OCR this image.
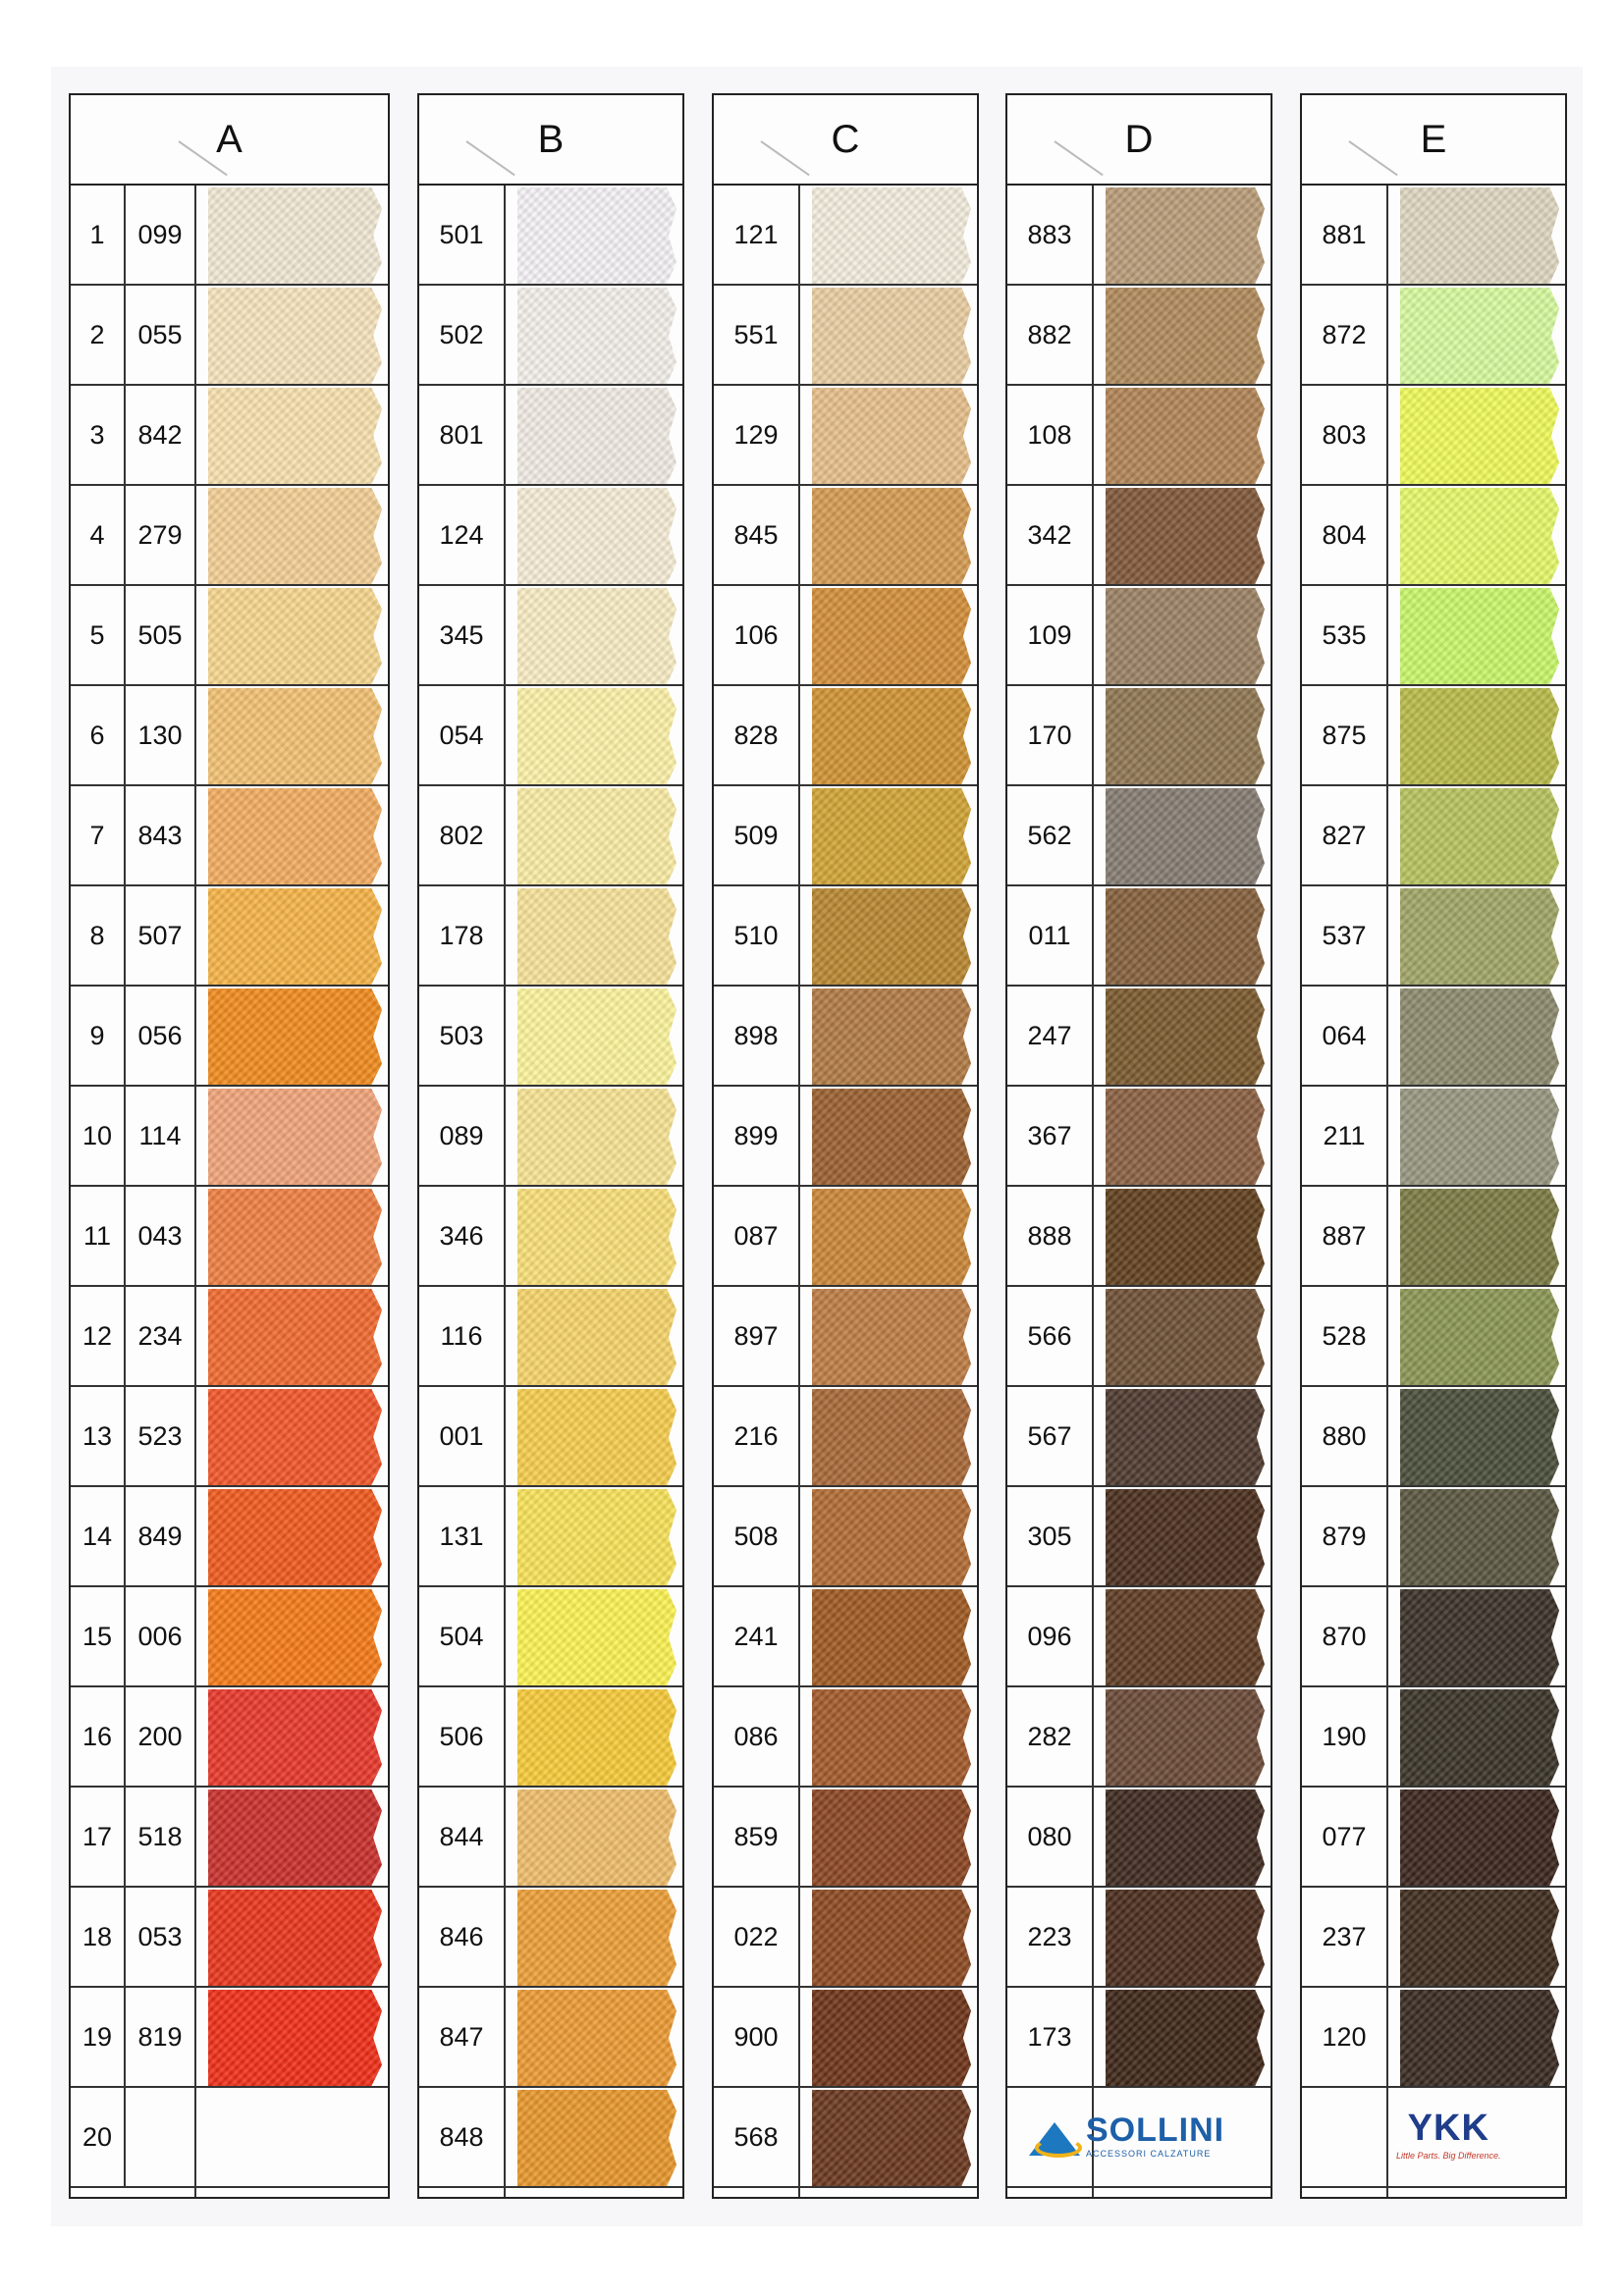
A
1	099
2	055
3	842
4	279
5	505
6	130
7	843
8	507
9	056
10	114
11	043
12 234
13 523
14 849
15 006
16 200
17 518
18 053
19 819
20
B
501
502
801
124
345
054
802
178
503
089
346
116
001
131
504
506
844
846
847
848
C
121
551
129
845
106
828
509
510
898
899
087
897
216
508
241
086
859
022
900
568
D
883
882
108
342
109
170
562
011
247
367
888
566
567
305
096
282
080
223
173
SOLLINI
ACCESSORI CALZATURE
E
881
872
803
804
535
875
827
537
064
211
887
528
880
879
870
190
077
237
120
YKK
Little Parts. Big Difference.
